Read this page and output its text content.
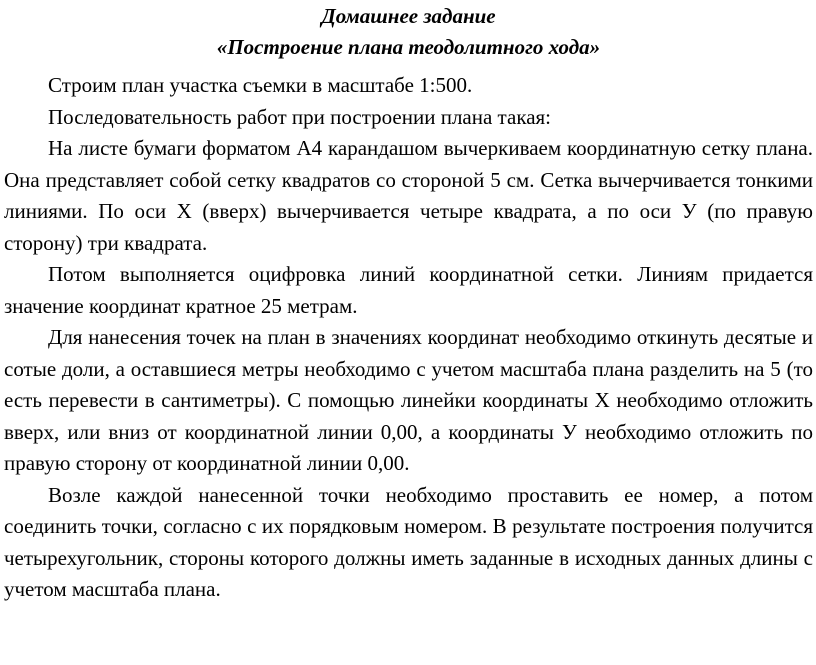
Домашнее задание
«Построение плана теодолитного хода»

Строим план участка съемки в масштабе 1:500.

Последовательность работ при построении плана такая:

На листе бумаги форматом А4 карандашом вычеркиваем координатную сетку плана. Она представляет собой сетку квадратов со стороной 5 см. Сетка вычерчивается тонкими линиями. По оси Х (вверх) вычерчивается четыре квадрата, а по оси У (по правую сторону) три квадрата.

Потом выполняется оцифровка линий координатной сетки. Линиям придается значение координат кратное 25 метрам.

Для нанесения точек на план в значениях координат необходимо откинуть десятые и сотые доли, а оставшиеся метры необходимо с учетом масштаба плана разделить на 5 (то есть перевести в сантиметры). С помощью линейки координаты Х необходимо отложить вверх, или вниз от координатной линии 0,00, а координаты У необходимо отложить по правую сторону от координатной линии 0,00.

Возле каждой нанесенной точки необходимо проставить ее номер, а потом соединить точки, согласно с их порядковым номером. В результате построения получится четырехугольник, стороны которого должны иметь заданные в исходных данных длины с учетом масштаба плана.
